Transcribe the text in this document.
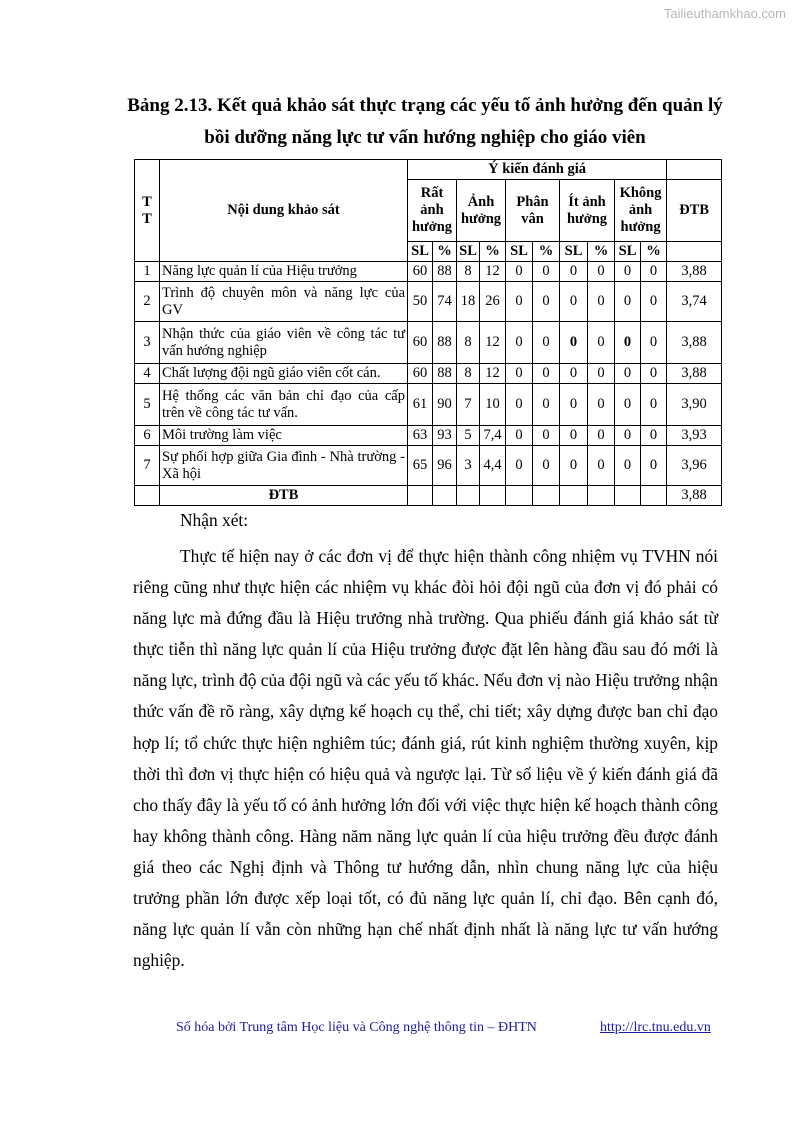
Tailieuthamkhao.com
Bảng 2.13. Kết quả khảo sát thực trạng các yếu tố ảnh hưởng đến quản lý
bồi dưỡng năng lực tư vấn hướng nghiệp cho giáo viên
T T	Nội dung khảo sát	Ý kiến đánh giá										
		Rất ảnh hưởng		Ảnh hưởng		Phân vân		Ít ảnh hưởng		Không ảnh hưởng		ĐTB
		SL	%	SL	%	SL	%	SL	%	SL	%	
1	Năng lực quản lí của Hiệu trưởng	60	88	8	12	0	0	0	0	0	0	3,88
2	Trình độ chuyên môn và năng lực của GV	50	74	18	26	0	0	0	0	0	0	3,74
3	Nhận thức của giáo viên về công tác tư vấn hướng nghiệp	60	88	8	12	0	0	0	0	0	0	3,88
4	Chất lượng đội ngũ giáo viên cốt cán.	60	88	8	12	0	0	0	0	0	0	3,88
5	Hệ thống các văn bản chỉ đạo của cấp trên về công tác tư vấn.	61	90	7	10	0	0	0	0	0	0	3,90
6	Môi trường làm việc	63	93	5	7,4	0	0	0	0	0	0	3,93
7	Sự phối hợp giữa Gia đình - Nhà trường - Xã hội	65	96	3	4,4	0	0	0	0	0	0	3,96
	ĐTB											3,88
Nhận xét:
Thực tế hiện nay ở các đơn vị để thực hiện thành công nhiệm vụ TVHN nói riêng cũng như thực hiện các nhiệm vụ khác đòi hỏi đội ngũ của đơn vị đó phải có năng lực mà đứng đầu là Hiệu trưởng nhà trường. Qua phiếu đánh giá khảo sát từ thực tiễn thì năng lực quản lí của Hiệu trưởng được đặt lên hàng đầu sau đó mới là năng lực, trình độ của đội ngũ và các yếu tố khác. Nếu đơn vị nào Hiệu trưởng nhận thức vấn đề rõ ràng, xây dựng kế hoạch cụ thể, chi tiết; xây dựng được ban chỉ đạo hợp lí; tổ chức thực hiện nghiêm túc; đánh giá, rút kinh nghiệm thường xuyên, kịp thời thì đơn vị thực hiện có hiệu quả và ngược lại. Từ số liệu về ý kiến đánh giá đã cho thấy đây là yếu tố có ảnh hưởng lớn đối với việc thực hiện kế hoạch thành công hay không thành công. Hàng năm năng lực quản lí của hiệu trưởng đều được đánh giá theo các Nghị định và Thông tư hướng dẫn, nhìn chung năng lực của hiệu trưởng phần lớn được xếp loại tốt, có đủ năng lực quản lí, chỉ đạo. Bên cạnh đó, năng lực quản lí vẫn còn những hạn chế nhất định nhất là năng lực tư vấn hướng nghiệp.
Số hóa bởi Trung tâm Học liệu và Công nghệ thông tin – ĐHTN	http://lrc.tnu.edu.vn
